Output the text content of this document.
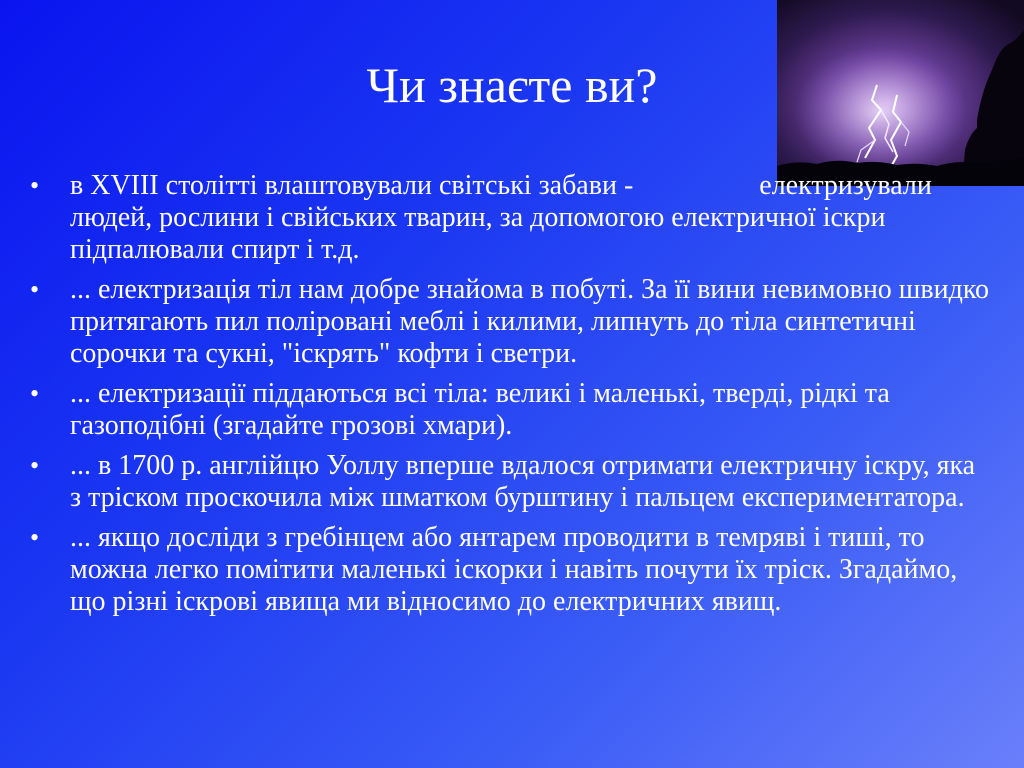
Чи знаєте ви?
•	в XVIII столітті влаштовували світські забави -                  електризували людей, рослини і свійських тварин, за допомогою електричної іскри підпалювали спирт і т.д.
•	... електризація тіл нам добре знайома в побуті. За її вини невимовно швидко притягають пил поліровані меблі і килими, липнуть до тіла синтетичні сорочки та сукні, "іскрять" кофти і светри.
•	... електризації піддаються всі тіла: великі і маленькі, тверді, рідкі та газоподібні (згадайте грозові хмари).
•	... в 1700 р. англійцю Уоллу вперше вдалося отримати електричну іскру, яка з тріском проскочила між шматком бурштину і пальцем експериментатора.
•	... якщо досліди з гребінцем або янтарем проводити в темряві і тиші, то можна легко помітити маленькі іскорки і навіть почути їх тріск. Згадаймо, що різні іскрові явища ми відносимо до електричних явищ.
